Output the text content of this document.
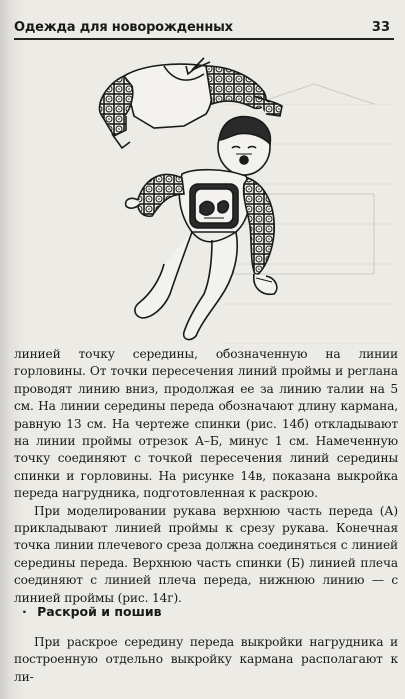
Одежда для новорожденных	33

линией точку середины, обозначенную на линии горловины. От точки пересечения линий проймы и реглана проводят линию вниз, продолжая ее за линию талии на 5 см. На линии середины переда обозначают длину кармана, равную 13 см. На чертеже спинки (рис. 14б) откладывают на линии проймы отрезок А–Б, минус 1 см. Намеченную точку соединяют с точкой пересечения линий середины спинки и горловины. На рисунке 14в, показана выкройка переда нагрудника, подготовленная к раскрою.

При моделировании рукава верхнюю часть переда (А) прикладывают линией проймы к срезу рукава. Конечная точка линии плечевого среза должна соединяться с линией середины переда. Верхнюю часть спинки (Б) линией плеча соединяют с линией плеча переда, нижнюю линию — с линией проймы (рис. 14г).

· Раскрой и пошив

При раскрое середину переда выкройки нагрудника и построенную отдельно выкройку кармана располагают к ли-
